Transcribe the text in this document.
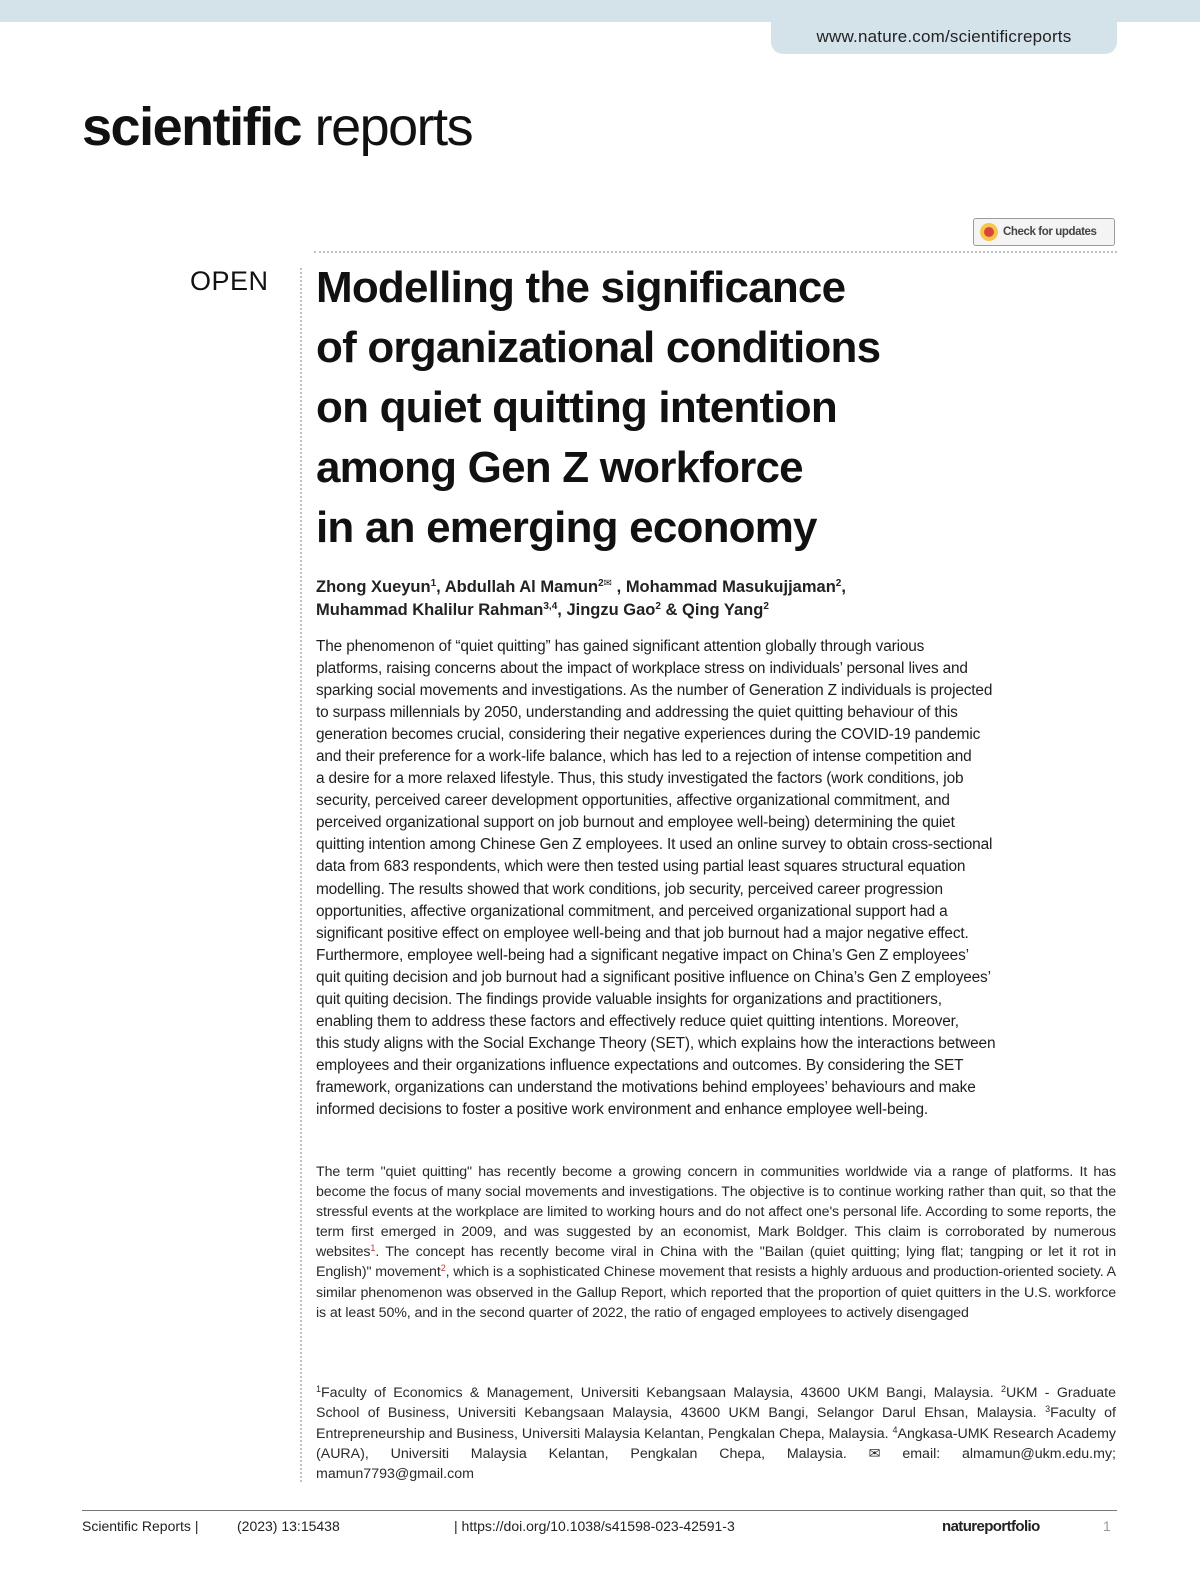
www.nature.com/scientificreports
scientific reports
Check for updates
OPEN Modelling the significance
of organizational conditions
on quiet quitting intention
among Gen Z workforce
in an emerging economy
Zhong Xueyun$^1$, Abdullah Al Mamun$^{2✉}$ , Mohammad Masukujjaman$^2$,
Muhammad Khalilur Rahman$^{3,4}$, Jingzu Gao$^2$ & Qing Yang$^2$

The phenomenon of “quiet quitting” has gained significant attention globally through various
platforms, raising concerns about the impact of workplace stress on individuals’ personal lives and
sparking social movements and investigations. As the number of Generation Z individuals is projected
to surpass millennials by 2050, understanding and addressing the quiet quitting behaviour of this
generation becomes crucial, considering their negative experiences during the COVID-19 pandemic
and their preference for a work-life balance, which has led to a rejection of intense competition and
a desire for a more relaxed lifestyle. Thus, this study investigated the factors (work conditions, job
security, perceived career development opportunities, affective organizational commitment, and
perceived organizational support on job burnout and employee well-being) determining the quiet
quitting intention among Chinese Gen Z employees. It used an online survey to obtain cross-sectional
data from 683 respondents, which were then tested using partial least squares structural equation
modelling. The results showed that work conditions, job security, perceived career progression
opportunities, affective organizational commitment, and perceived organizational support had a
significant positive effect on employee well-being and that job burnout had a major negative effect.
Furthermore, employee well-being had a significant negative impact on China’s Gen Z employees’
quit quiting decision and job burnout had a significant positive influence on China’s Gen Z employees’
quit quiting decision. The findings provide valuable insights for organizations and practitioners,
enabling them to address these factors and effectively reduce quiet quitting intentions. Moreover,
this study aligns with the Social Exchange Theory (SET), which explains how the interactions between
employees and their organizations influence expectations and outcomes. By considering the SET
framework, organizations can understand the motivations behind employees’ behaviours and make
informed decisions to foster a positive work environment and enhance employee well-being.

The term "quiet quitting" has recently become a growing concern in communities worldwide via a range of platforms. It has become the focus of many social movements and investigations. The objective is to continue working rather than quit, so that the stressful events at the workplace are limited to working hours and do not affect one's personal life. According to some reports, the term first emerged in 2009, and was suggested by an economist, Mark Boldger. This claim is corroborated by numerous websites$^1$. The concept has recently become viral in China with the "Bailan (quiet quitting; lying flat; tangping or let it rot in English)" movement$^2$, which is a sophisticated Chinese movement that resists a highly arduous and production-oriented society. A similar phenomenon was observed in the Gallup Report, which reported that the proportion of quiet quitters in the U.S. workforce is at least 50%, and in the second quarter of 2022, the ratio of engaged employees to actively disengaged

$^1$Faculty of Economics & Management, Universiti Kebangsaan Malaysia, 43600 UKM Bangi, Malaysia. $^2$UKM - Graduate School of Business, Universiti Kebangsaan Malaysia, 43600 UKM Bangi, Selangor Darul Ehsan, Malaysia. $^3$Faculty of Entrepreneurship and Business, Universiti Malaysia Kelantan, Pengkalan Chepa, Malaysia. $^4$Angkasa-UMK Research Academy (AURA), Universiti Malaysia Kelantan, Pengkalan Chepa, Malaysia. ✉ email: almamun@ukm.edu.my; mamun7793@gmail.com

Scientific Reports |	(2023) 13:15438	| https://doi.org/10.1038/s41598-023-42591-3	natureportfolio	1
